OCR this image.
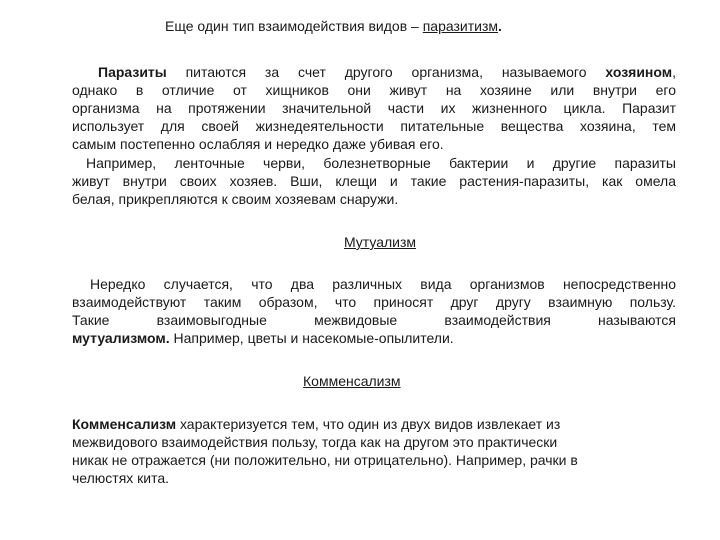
Еще один тип взаимодействия видов – паразитизм.
Паразиты питаются за счет другого организма, называемого хозяином,
однако в отличие от хищников они живут на хозяине или внутри его
организма на протяжении значительной части их жизненного цикла. Паразит
использует для своей жизнедеятельности питательные вещества хозяина, тем
самым постепенно ослабляя и нередко даже убивая его.
Например, ленточные черви, болезнетворные бактерии и другие паразиты
живут внутри своих хозяев. Вши, клещи и такие растения-паразиты, как омела
белая, прикрепляются к своим хозяевам снаружи.
Мутуализм
Нередко случается, что два различных вида организмов непосредственно
взаимодействуют таким образом, что приносят друг другу взаимную пользу.
Такие взаимовыгодные межвидовые взаимодействия называются
мутуализмом. Например, цветы и насекомые-опылители.
Комменсализм
Комменсализм характеризуется тем, что один из двух видов извлекает из
межвидового взаимодействия пользу, тогда как на другом это практически
никак не отражается (ни положительно, ни отрицательно). Например, рачки в
челюстях кита.
